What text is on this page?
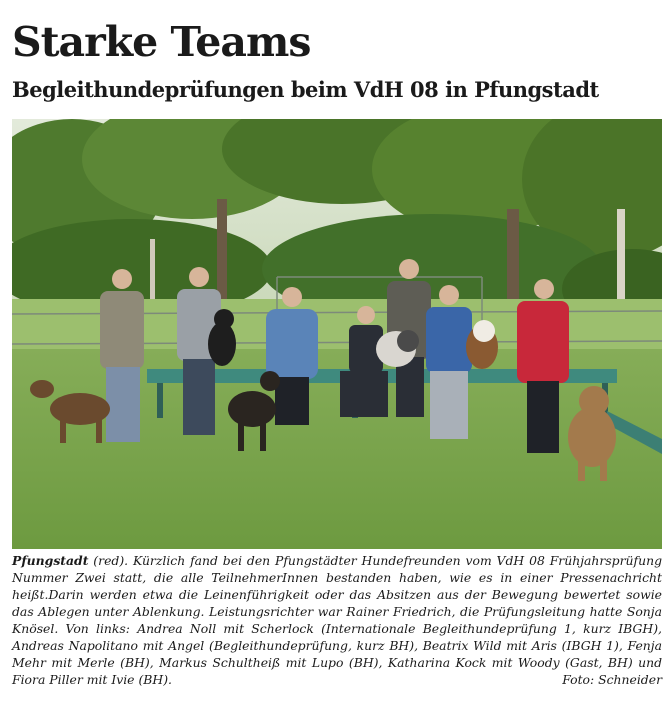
Starke Teams
Begleithundeprüfungen beim VdH 08 in Pfungstadt

Pfungstadt (red). Kürzlich fand bei den Pfungstädter Hundefreunden vom VdH 08 Frühjahrsprüfung Nummer Zwei statt, die alle TeilnehmerInnen bestanden haben, wie es in einer Pressenachricht heißt.Darin werden etwa die Leinenführigkeit oder das Absitzen aus der Bewegung bewertet sowie das Ablegen unter Ablenkung. Leistungsrichter war Rainer Friedrich, die Prüfungsleitung hatte Sonja Knösel. Von links: Andrea Noll mit Scherlock (Internationale Begleithundeprüfung 1, kurz IBGH), Andreas Napolitano mit Angel (Begleithundeprüfung, kurz BH), Beatrix Wild mit Aris (IBGH 1), Fenja Mehr mit Merle (BH), Markus Schultheiß mit Lupo (BH), Katharina Kock mit Woody (Gast, BH) und Fiora Piller mit Ivie (BH).	Foto: Schneider
